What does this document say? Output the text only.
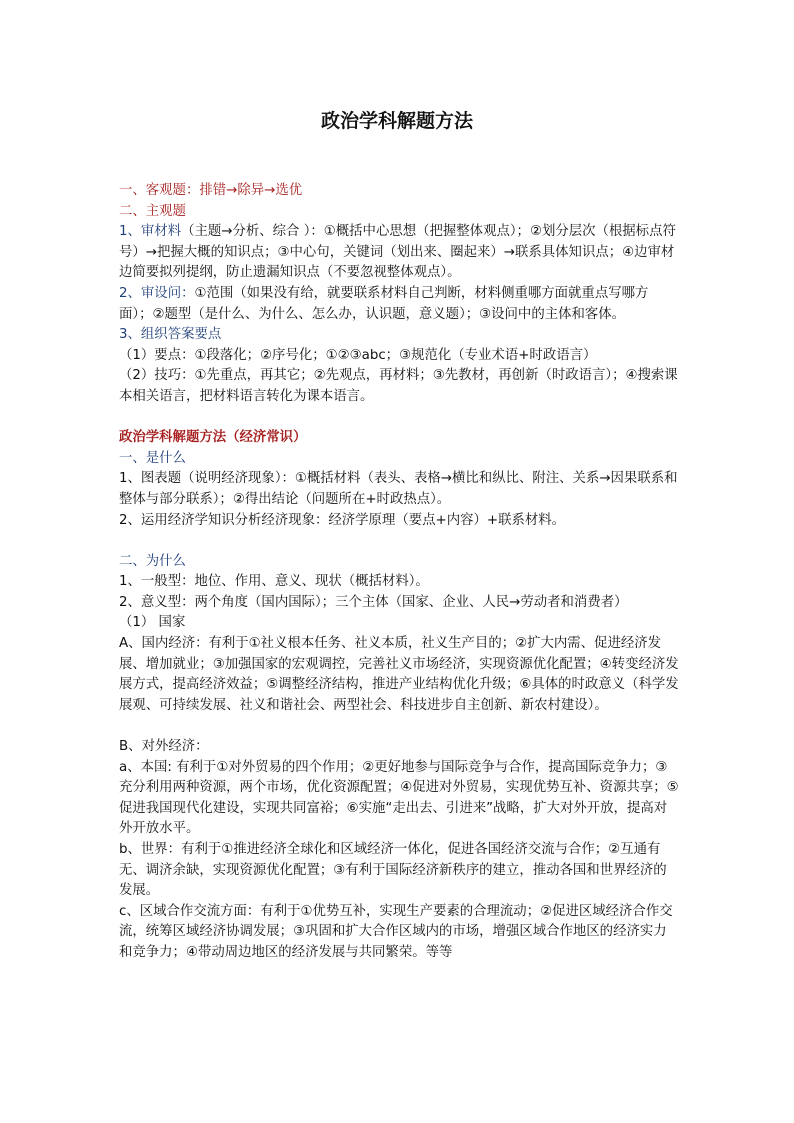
政治学科解题方法

一、客观题：排错→除异→选优

二、主观题

1、审材料（主题→分析、综合 ）：①概括中心思想（把握整体观点）；②划分层次（根据标点符号）→把握大概的知识点；③中心句，关键词（划出来、圈起来）→联系具体知识点；④边审材边简要拟列提纲，防止遗漏知识点（不要忽视整体观点）。

2、审设问：①范围（如果没有给，就要联系材料自己判断，材料侧重哪方面就重点写哪方面）；②题型（是什么、为什么、怎么办，认识题，意义题）；③设问中的主体和客体。

3、组织答案要点

（1）要点：①段落化；②序号化；①②③abc；③规范化（专业术语+时政语言）

（2）技巧：①先重点，再其它；②先观点，再材料；③先教材，再创新（时政语言）；④搜索课本相关语言，把材料语言转化为课本语言。

政治学科解题方法（经济常识）

一、是什么

1、图表题（说明经济现象）：①概括材料（表头、表格→横比和纵比、附注、关系→因果联系和整体与部分联系）；②得出结论（问题所在+时政热点）。

2、运用经济学知识分析经济现象：经济学原理（要点+内容）+联系材料。

二、为什么

1、一般型：地位、作用、意义、现状（概括材料）。

2、意义型：两个角度（国内国际）；三个主体（国家、企业、人民→劳动者和消费者）

（1） 国家

A、国内经济：有利于①社义根本任务、社义本质，社义生产目的；②扩大内需、促进经济发展、增加就业；③加强国家的宏观调控，完善社义市场经济，实现资源优化配置；④转变经济发展方式，提高经济效益；⑤调整经济结构，推进产业结构优化升级；⑥具体的时政意义（科学发展观、可持续发展、社义和谐社会、两型社会、科技进步自主创新、新农村建设）。

B、对外经济：

a、本国: 有利于①对外贸易的四个作用；②更好地参与国际竞争与合作，提高国际竞争力；③充分利用两种资源，两个市场，优化资源配置；④促进对外贸易，实现优势互补、资源共享；⑤促进我国现代化建设，实现共同富裕；⑥实施“走出去、引进来”战略，扩大对外开放，提高对外开放水平。

b、世界：有利于①推进经济全球化和区域经济一体化，促进各国经济交流与合作；②互通有无、调济余缺，实现资源优化配置；③有利于国际经济新秩序的建立，推动各国和世界经济的发展。

c、区域合作交流方面：有利于①优势互补，实现生产要素的合理流动；②促进区域经济合作交流，统筹区域经济协调发展；③巩固和扩大合作区域内的市场，增强区域合作地区的经济实力和竞争力；④带动周边地区的经济发展与共同繁荣。等等
